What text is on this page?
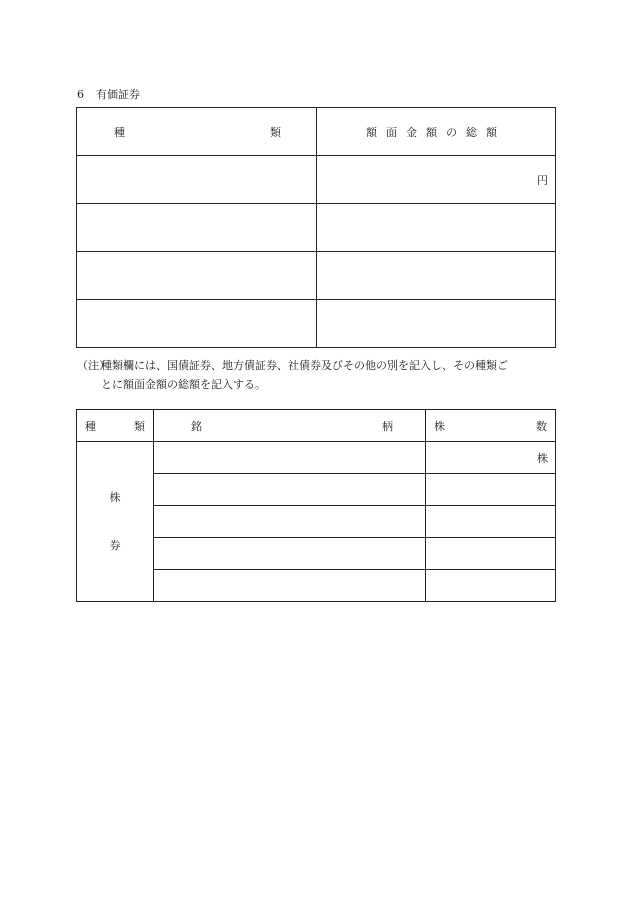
6 有価証券
種 類	額面金額の総額
	円

（注）
種類欄には、国債証券、地方債証券、社債券及びその他の別を記入し、その種類ご
とに額面金額の総額を記入する。
種 類	銘 柄	株 数

株
券		株
